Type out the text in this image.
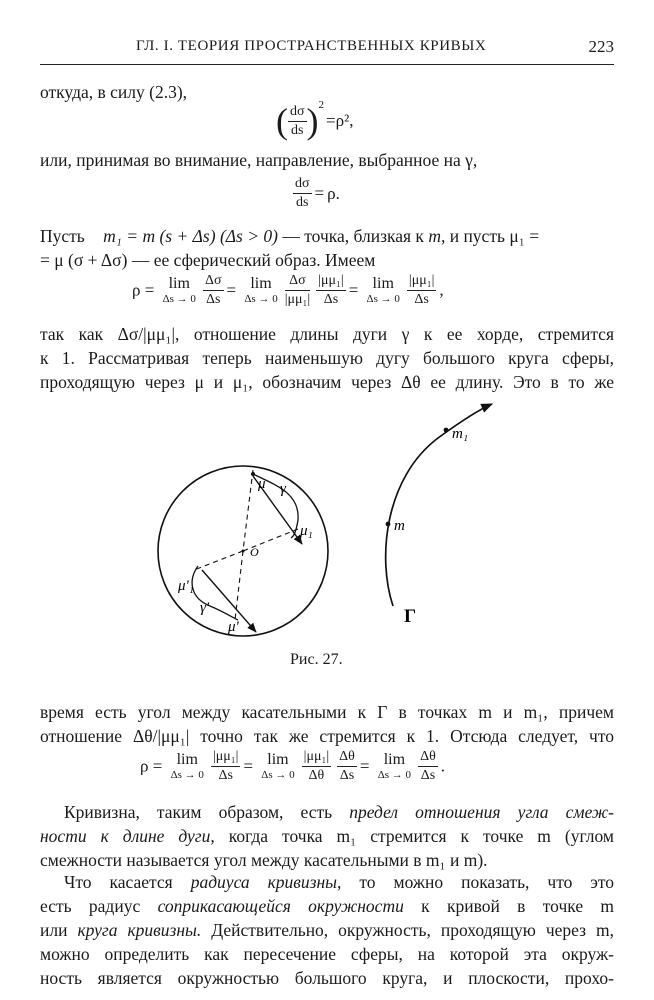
ГЛ. I. ТЕОРИЯ ПРОСТРАНСТВЕННЫХ КРИВЫХ	223
откуда, в силу (2.3),
( $\frac{d\sigma}{ds} )^2=\rho^2$,
или, принимая во внимание, направление, выбранное на γ,
$\frac{d\sigma}{ds} = \rho$.
Пусть m₁ = m (s + Δs) (Δs > 0) — точка, близкая к m, и пусть μ₁ =
= μ (σ + Δσ) — ее сферический образ. Имеем
ρ = lim
$\Delta s \to 0 \frac{\Delta\sigma}{\Delta s} = \lim$
$\Delta s \to 0 \frac{\Delta\sigma}{\text{|μμ₁|}} \frac{\text{|μμ₁|}}{\Delta s} = \lim$
$\Delta s \to 0 \frac{\text{|μμ₁|}}{\Delta s}$ ,
так как Δσ/|μμ₁|, отношение длины дуги γ к ее хорде, стремится
к 1. Рассматривая теперь наименьшую дугу большого круга сферы,
проходящую через μ и μ₁, обозначим через Δθ ее длину. Это в то же
μ γ
μ₁
O
μ'₁
γ'
μ'
m
m₁
Γ
Рис. 27.
время есть угол между касательными к Γ в точках m и m₁, причем
отношение Δθ/|μμ₁| точно так же стремится к 1. Отсюда следует, что
ρ = lim
$\Delta s \to 0 \frac{\text{|μμ₁|}}{\Delta s} = \lim$
$\Delta s \to 0 \frac{\text{|μμ₁|}}{\Delta\theta} \frac{\Delta\theta}{\Delta s} = \lim$
$\Delta s \to 0 \frac{\Delta\theta}{\Delta s}$ .
Кривизна, таким образом, есть предел отношения угла смеж-
ности к длине дуги, когда точка m₁ стремится к точке m (углом
смежности называется угол между касательными в m₁ и m).
Что касается радиуса кривизны, то можно показать, что это
есть радиус соприкасающейся окружности к кривой в точке m
или круга кривизны. Действительно, окружность, проходящую через m,
можно определить как пересечение сферы, на которой эта окруж-
ность является окружностью большого круга, и плоскости, прохо-
